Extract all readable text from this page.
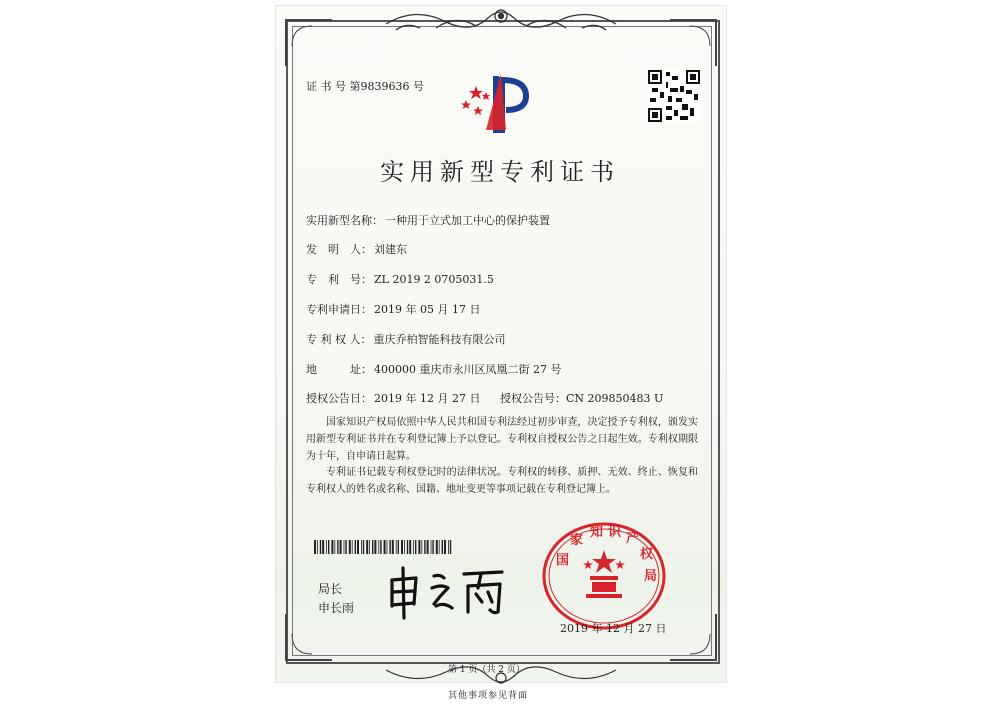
证 书 号 第9839636 号
实用新型专利证书
实用新型名称： 一种用于立式加工中心的保护装置
发　明　人： 刘建东
专　利　号： ZL 2019 2 0705031.5
专利申请日： 2019 年 05 月 17 日
专 利 权 人： 重庆乔柏智能科技有限公司
地　　　址： 400000 重庆市永川区凤凰二街 27 号
授权公告日： 2019 年 12 月 27 日 授权公告号：CN 209850483 U
国家知识产权局依照中华人民共和国专利法经过初步审查，决定授予专利权，颁发实用新型专利证书并在专利登记簿上予以登记。专利权自授权公告之日起生效。专利权期限为十年，自申请日起算。
专利证书记载专利权登记时的法律状况。专利权的转移、质押、无效、终止、恢复和专利权人的姓名或名称、国籍、地址变更等事项记载在专利登记簿上。
局长
申长雨
国
家
知 识 产
权
局
2019 年 12 月 27 日
第 1 页（共 2 页）
其他事项参见背面
